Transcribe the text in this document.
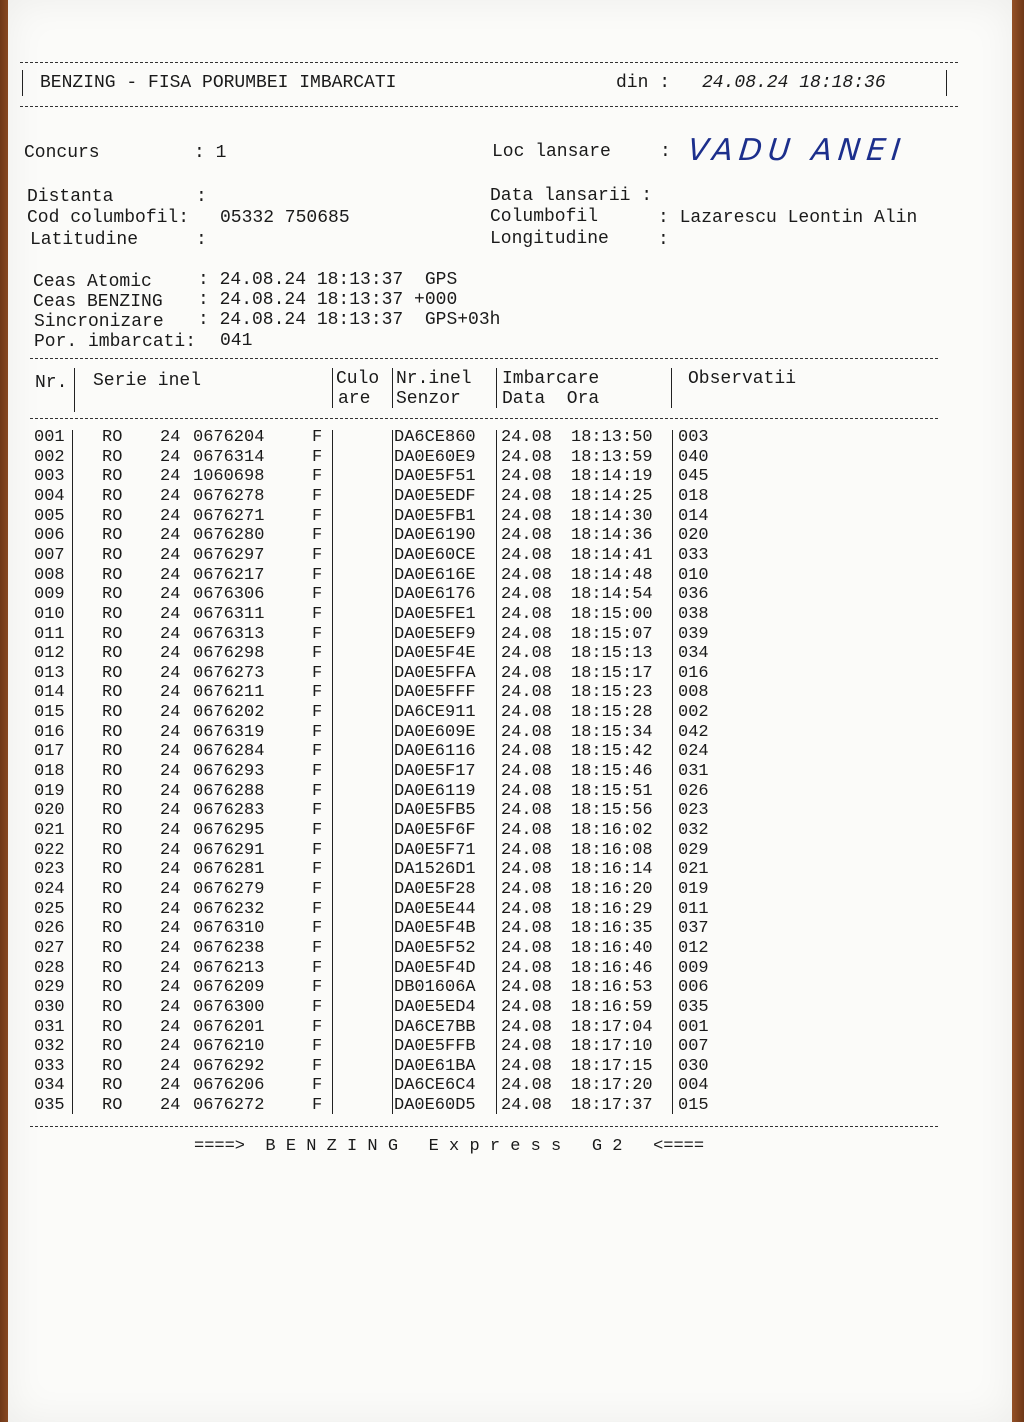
BENZING - FISA PORUMBEI IMBARCATI	din : 24.08.24 18:18:36
Concurs	: 1	Loc lansare	: VADU ANEI
Distanta	:
Cod columbofil: 05332 750685
Latitudine	:
Data lansarii :
Columbofil	: Lazarescu Leontin Alin
Longitudine	:
Ceas Atomic	: 24.08.24 18:13:37  GPS
Ceas BENZING : 24.08.24 18:13:37 +000
Sincronizare : 24.08.24 18:13:37  GPS+03h
Por. imbarcati: 041
Nr. Serie inel	Culo
are
Nr.inel
Senzor
Imbarcare
Data  Ora
Observatii
001 RO 24 0676204	F	DA6CE860 24.08 18:13:50 003
002 RO 24 0676314	F	DA0E60E9 24.08 18:13:59 040
003 RO 24 1060698	F	DA0E5F51 24.08 18:14:19 045
004 RO 24 0676278	F	DA0E5EDF 24.08 18:14:25 018
005 RO 24 0676271	F	DA0E5FB1 24.08 18:14:30 014
006 RO 24 0676280	F	DA0E6190 24.08 18:14:36 020
007 RO 24 0676297	F	DA0E60CE 24.08 18:14:41 033
008 RO 24 0676217	F	DA0E616E 24.08 18:14:48 010
009 RO 24 0676306	F	DA0E6176 24.08 18:14:54 036
010 RO 24 0676311	F	DA0E5FE1 24.08 18:15:00 038
011 RO 24 0676313	F	DA0E5EF9 24.08 18:15:07 039
012 RO 24 0676298	F	DA0E5F4E 24.08 18:15:13 034
013 RO 24 0676273	F	DA0E5FFA 24.08 18:15:17 016
014 RO 24 0676211	F	DA0E5FFF 24.08 18:15:23 008
015 RO 24 0676202	F	DA6CE911 24.08 18:15:28 002
016 RO 24 0676319	F	DA0E609E 24.08 18:15:34 042
017 RO 24 0676284	F	DA0E6116 24.08 18:15:42 024
018 RO 24 0676293	F	DA0E5F17 24.08 18:15:46 031
019 RO 24 0676288	F	DA0E6119 24.08 18:15:51 026
020 RO 24 0676283	F	DA0E5FB5 24.08 18:15:56 023
021 RO 24 0676295	F	DA0E5F6F 24.08 18:16:02 032
022 RO 24 0676291	F	DA0E5F71 24.08 18:16:08 029
023 RO 24 0676281	F	DA1526D1 24.08 18:16:14 021
024 RO 24 0676279	F	DA0E5F28 24.08 18:16:20 019
025 RO 24 0676232	F	DA0E5E44 24.08 18:16:29 011
026 RO 24 0676310	F	DA0E5F4B 24.08 18:16:35 037
027 RO 24 0676238	F	DA0E5F52 24.08 18:16:40 012
028 RO 24 0676213	F	DA0E5F4D 24.08 18:16:46 009
029 RO 24 0676209	F	DB01606A 24.08 18:16:53 006
030 RO 24 0676300	F	DA0E5ED4 24.08 18:16:59 035
031 RO 24 0676201	F	DA6CE7BB 24.08 18:17:04 001
032 RO 24 0676210	F	DA0E5FFB 24.08 18:17:10 007
033 RO 24 0676292	F	DA0E61BA 24.08 18:17:15 030
034 RO 24 0676206	F	DA6CE6C4 24.08 18:17:20 004
035 RO 24 0676272	F	DA0E60D5 24.08 18:17:37 015
====>  B E N Z I N G   E x p r e s s   G 2   <====
